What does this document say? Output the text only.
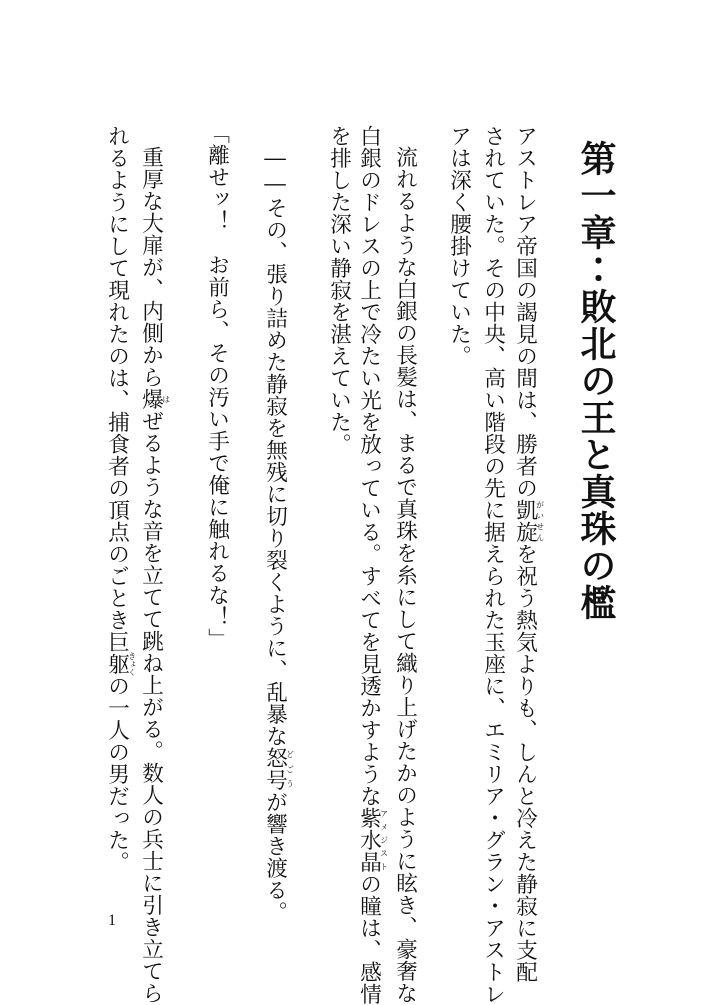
第一章∶敗北の王と真珠の檻
アストレア帝国の謁見の間は、勝者の凱旋がいせんを祝う熱気よりも、しんと冷えた静寂に支配
されていた。その中央、高い階段の先に据えられた玉座に、エミリア・グラン・アストレ
アは深く腰掛けていた。
流れるような白銀の長髪は、まるで真珠を糸にして織り上げたかのように眩き、豪奢な
白銀のドレスの上で冷たい光を放っている。すべてを見透かすような紫水晶アメジストの瞳は、感情
を排した深い静寂を湛えていた。
――その、張り詰めた静寂を無残に切り裂くように、乱暴な怒号どごうが響き渡る。
「離せッ！　お前ら、その汚い手で俺に触れるな！」
重厚な大扉が、内側から爆はぜるような音を立てて跳ね上がる。数人の兵士に引き立てら
れるようにして現れたのは、捕食者の頂点のごとき巨躯きょくの一人の男だった。
1
